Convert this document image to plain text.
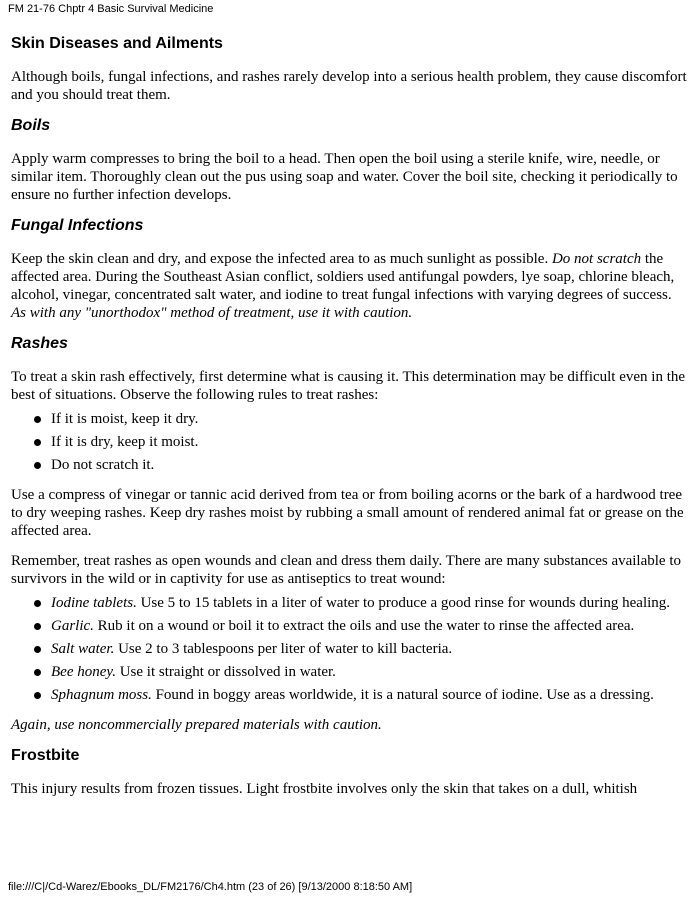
FM 21-76 Chptr 4 Basic Survival Medicine
Skin Diseases and Ailments

Although boils, fungal infections, and rashes rarely develop into a serious health problem, they cause discomfort and you should treat them.

Boils

Apply warm compresses to bring the boil to a head. Then open the boil using a sterile knife, wire, needle, or similar item. Thoroughly clean out the pus using soap and water. Cover the boil site, checking it periodically to ensure no further infection develops.

Fungal Infections

Keep the skin clean and dry, and expose the infected area to as much sunlight as possible. Do not scratch the affected area. During the Southeast Asian conflict, soldiers used antifungal powders, lye soap, chlorine bleach, alcohol, vinegar, concentrated salt water, and iodine to treat fungal infections with varying degrees of success. As with any "unorthodox" method of treatment, use it with caution.

Rashes

To treat a skin rash effectively, first determine what is causing it. This determination may be difficult even in the best of situations. Observe the following rules to treat rashes:

If it is moist, keep it dry.
If it is dry, keep it moist.
Do not scratch it.

Use a compress of vinegar or tannic acid derived from tea or from boiling acorns or the bark of a hardwood tree to dry weeping rashes. Keep dry rashes moist by rubbing a small amount of rendered animal fat or grease on the affected area.

Remember, treat rashes as open wounds and clean and dress them daily. There are many substances available to survivors in the wild or in captivity for use as antiseptics to treat wound:

Iodine tablets. Use 5 to 15 tablets in a liter of water to produce a good rinse for wounds during healing.
Garlic. Rub it on a wound or boil it to extract the oils and use the water to rinse the affected area.
Salt water. Use 2 to 3 tablespoons per liter of water to kill bacteria.
Bee honey. Use it straight or dissolved in water.
Sphagnum moss. Found in boggy areas worldwide, it is a natural source of iodine. Use as a dressing.

Again, use noncommercially prepared materials with caution.

Frostbite

This injury results from frozen tissues. Light frostbite involves only the skin that takes on a dull, whitish

file:///C|/Cd-Warez/Ebooks_DL/FM2176/Ch4.htm (23 of 26) [9/13/2000 8:18:50 AM]
